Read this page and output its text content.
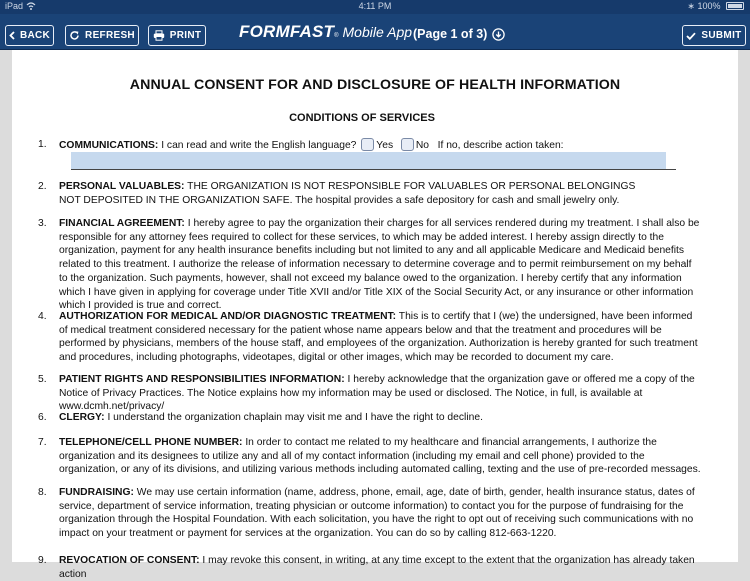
iPad	4:11 PM	∗ 100%
BACK	REFRESH	PRINT FORMFAST ® Mobile App (Page 1 of 3)	SUBMIT
ANNUAL CONSENT FOR AND DISCLOSURE OF HEALTH INFORMATION
CONDITIONS OF SERVICES
1.	COMMUNICATIONS: I can read and write the English language? Yes No If no, describe action taken:
2.	PERSONAL VALUABLES: THE ORGANIZATION IS NOT RESPONSIBLE FOR VALUABLES OR PERSONAL BELONGINGS NOT DEPOSITED IN THE ORGANIZATION SAFE. The hospital provides a safe depository for cash and small jewelry only.
3.	FINANCIAL AGREEMENT: I hereby agree to pay the organization their charges for all services rendered during my treatment. I shall also be responsible for any attorney fees required to collect for these services, to which may be added interest. I hereby assign directly to the organization, payment for any health insurance benefits including but not limited to any and all applicable Medicare and Medicaid benefits related to this treatment. I authorize the release of information necessary to determine coverage and to permit reimbursement on my behalf to the organization. Such payments, however, shall not exceed my balance owed to the organization. I hereby certify that any information which I have given in applying for coverage under Title XVII and/or Title XIX of the Social Security Act, or any insurance or other information which I provided is true and correct.
4.	AUTHORIZATION FOR MEDICAL AND/OR DIAGNOSTIC TREATMENT: This is to certify that I (we) the undersigned, have been informed of medical treatment considered necessary for the patient whose name appears below and that the treatment and procedures will be performed by physicians, members of the house staff, and employees of the organization. Authorization is hereby granted for such treatment and procedures, including photographs, videotapes, digital or other images, which may be recorded to document my care.
5.	PATIENT RIGHTS AND RESPONSIBILITIES INFORMATION: I hereby acknowledge that the organization gave or offered me a copy of the Notice of Privacy Practices. The Notice explains how my information may be used or disclosed. The Notice, in full, is available at www.dcmh.net/privacy/
6.	CLERGY: I understand the organization chaplain may visit me and I have the right to decline.
7.	TELEPHONE/CELL PHONE NUMBER: In order to contact me related to my healthcare and financial arrangements, I authorize the organization and its designees to utilize any and all of my contact information (including my email and cell phone) provided to the organization, or any of its divisions, and utilizing various methods including automated calling, texting and the use of pre-recorded messages.
8.	FUNDRAISING: We may use certain information (name, address, phone, email, age, date of birth, gender, health insurance status, dates of service, department of service information, treating physician or outcome information) to contact you for the purpose of fundraising for the organization through the Hospital Foundation. With each solicitation, you have the right to opt out of receiving such communications with no impact on your treatment or payment for services at the organization. You can do so by calling 812-663-1220.
9.	REVOCATION OF CONSENT: I may revoke this consent, in writing, at any time except to the extent that the organization has already taken action
